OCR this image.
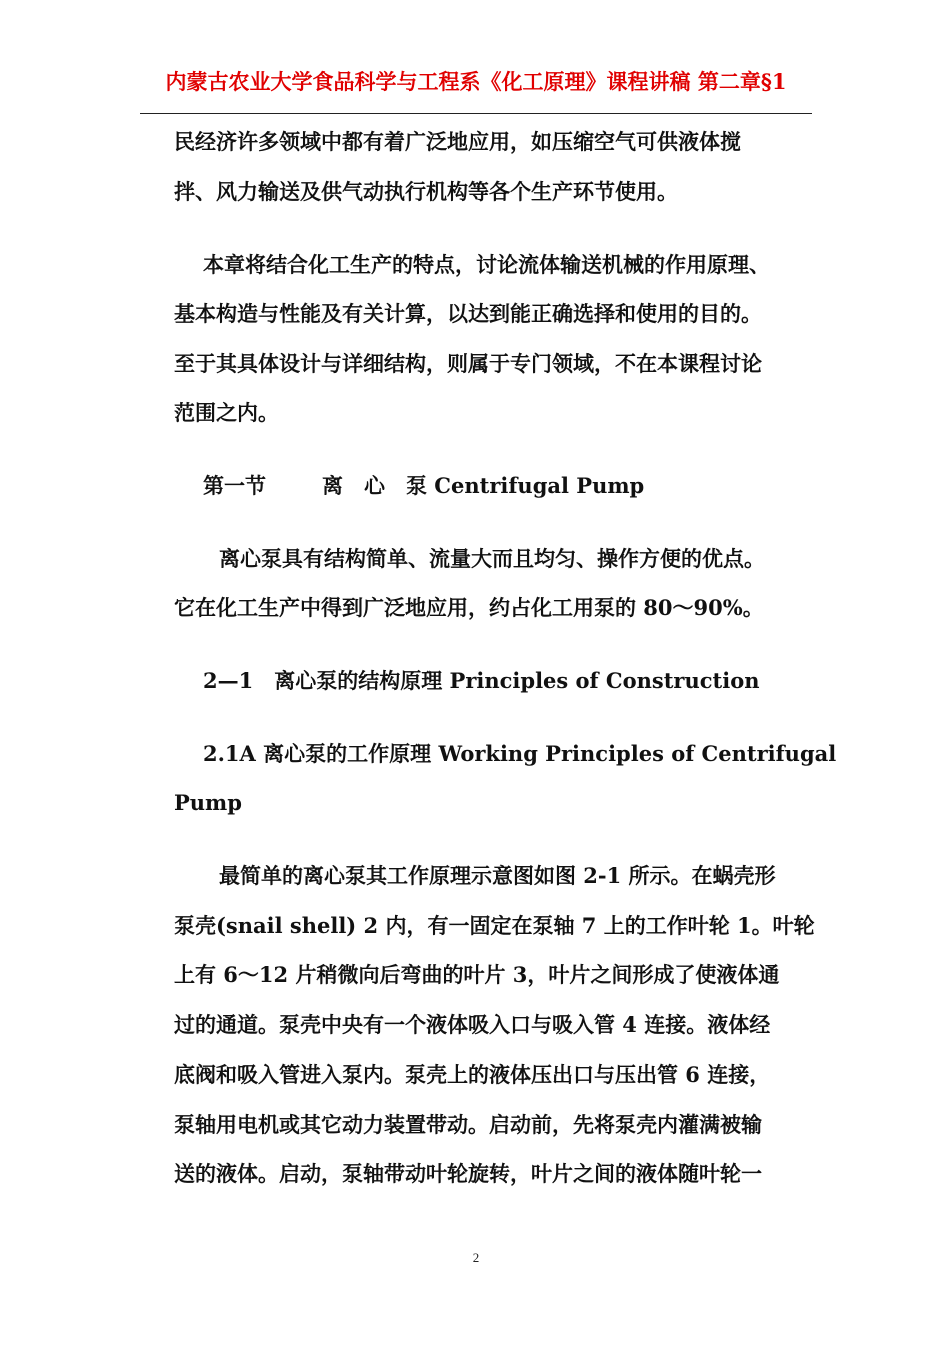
内蒙古农业大学食品科学与工程系《化工原理》课程讲稿 第二章§1
民经济许多领域中都有着广泛地应用，如压缩空气可供液体搅
拌、风力输送及供气动执行机构等各个生产环节使用。
本章将结合化工生产的特点，讨论流体输送机械的作用原理、
基本构造与性能及有关计算，以达到能正确选择和使用的目的。
至于其具体设计与详细结构，则属于专门领域，不在本课程讨论
范围之内。
第一节	离　心　泵 Centrifugal Pump
离心泵具有结构简单、流量大而且均匀、操作方便的优点。
它在化工生产中得到广泛地应用，约占化工用泵的 80～90%。
2—1　离心泵的结构原理 Principles of Construction
2.1A 离心泵的工作原理 Working Principles of Centrifugal
Pump
最简单的离心泵其工作原理示意图如图 2-1 所示。在蜗壳形
泵壳(snail shell) 2 内，有一固定在泵轴 7 上的工作叶轮 1。叶轮
上有 6～12 片稍微向后弯曲的叶片 3，叶片之间形成了使液体通
过的通道。泵壳中央有一个液体吸入口与吸入管 4 连接。液体经
底阀和吸入管进入泵内。泵壳上的液体压出口与压出管 6 连接，
泵轴用电机或其它动力装置带动。启动前，先将泵壳内灌满被输
送的液体。启动，泵轴带动叶轮旋转，叶片之间的液体随叶轮一
2
